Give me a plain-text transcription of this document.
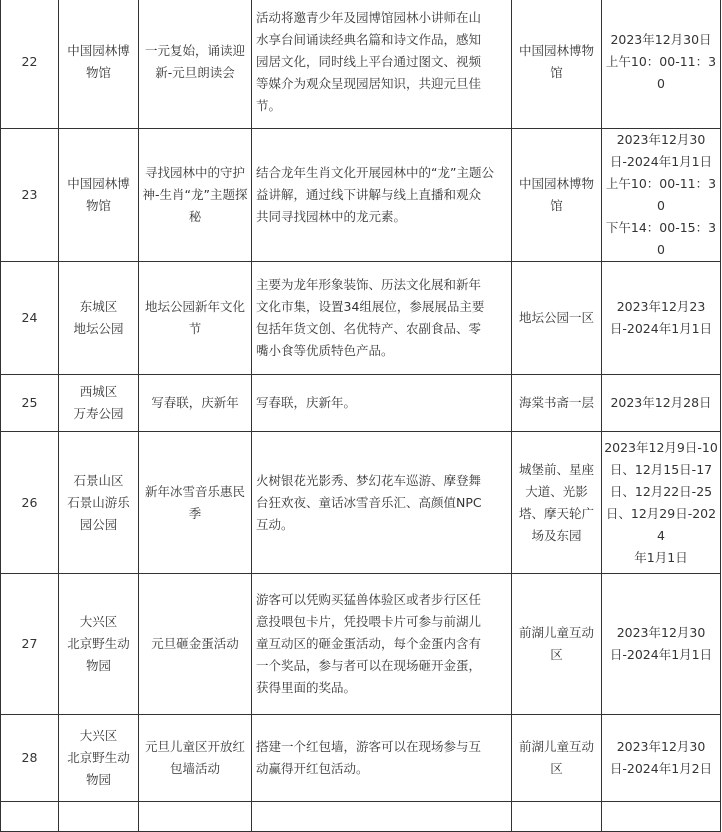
22	中国园林博
物馆	一元复始，诵读迎
新-元旦朗读会	活动将邀青少年及园博馆园林小讲师在山
水享台间诵读经典名篇和诗文作品，感知
园居文化，同时线上平台通过图文、视频
等媒介为观众呈现园居知识，共迎元旦佳
节。	中国园林博物
馆	2023年12月30日
上午10：00-11：30

23	中国园林博
物馆	寻找园林中的守护
神-生肖“龙”主题探
秘	结合龙年生肖文化开展园林中的“龙”主题公
益讲解，通过线下讲解与线上直播和观众
共同寻找园林中的龙元素。	中国园林博物
馆	2023年12月30
日-2024年1月1日
上午10：00-11：30
下午14：00-15：30

24	东城区
地坛公园	地坛公园新年文化
节	主要为龙年形象装饰、历法文化展和新年
文化市集，设置34组展位，参展展品主要
包括年货文创、名优特产、农副食品、零
嘴小食等优质特色产品。	地坛公园一区	2023年12月23
日-2024年1月1日

25	西城区
万寿公园	写春联，庆新年	写春联，庆新年。	海棠书斋一层	2023年12月28日

26	石景山区
石景山游乐
园公园	新年冰雪音乐惠民
季	火树银花光影秀、梦幻花车巡游、摩登舞
台狂欢夜、童话冰雪音乐汇、高颜值NPC
互动。	城堡前、星座
大道、光影
塔、摩天轮广
场及东园	2023年12月9日-10
日、12月15日-17
日、12月22日-25
日、12月29日-2024
年1月1日

27	大兴区
北京野生动
物园	元旦砸金蛋活动	游客可以凭购买猛兽体验区或者步行区任
意投喂包卡片，凭投喂卡片可参与前湖儿
童互动区的砸金蛋活动，每个金蛋内含有
一个奖品，参与者可以在现场砸开金蛋，
获得里面的奖品。	前湖儿童互动
区	2023年12月30
日-2024年1月1日

28	大兴区
北京野生动
物园	元旦儿童区开放红
包墙活动	搭建一个红包墙，游客可以在现场参与互
动赢得开红包活动。	前湖儿童互动
区	2023年12月30
日-2024年1月2日
